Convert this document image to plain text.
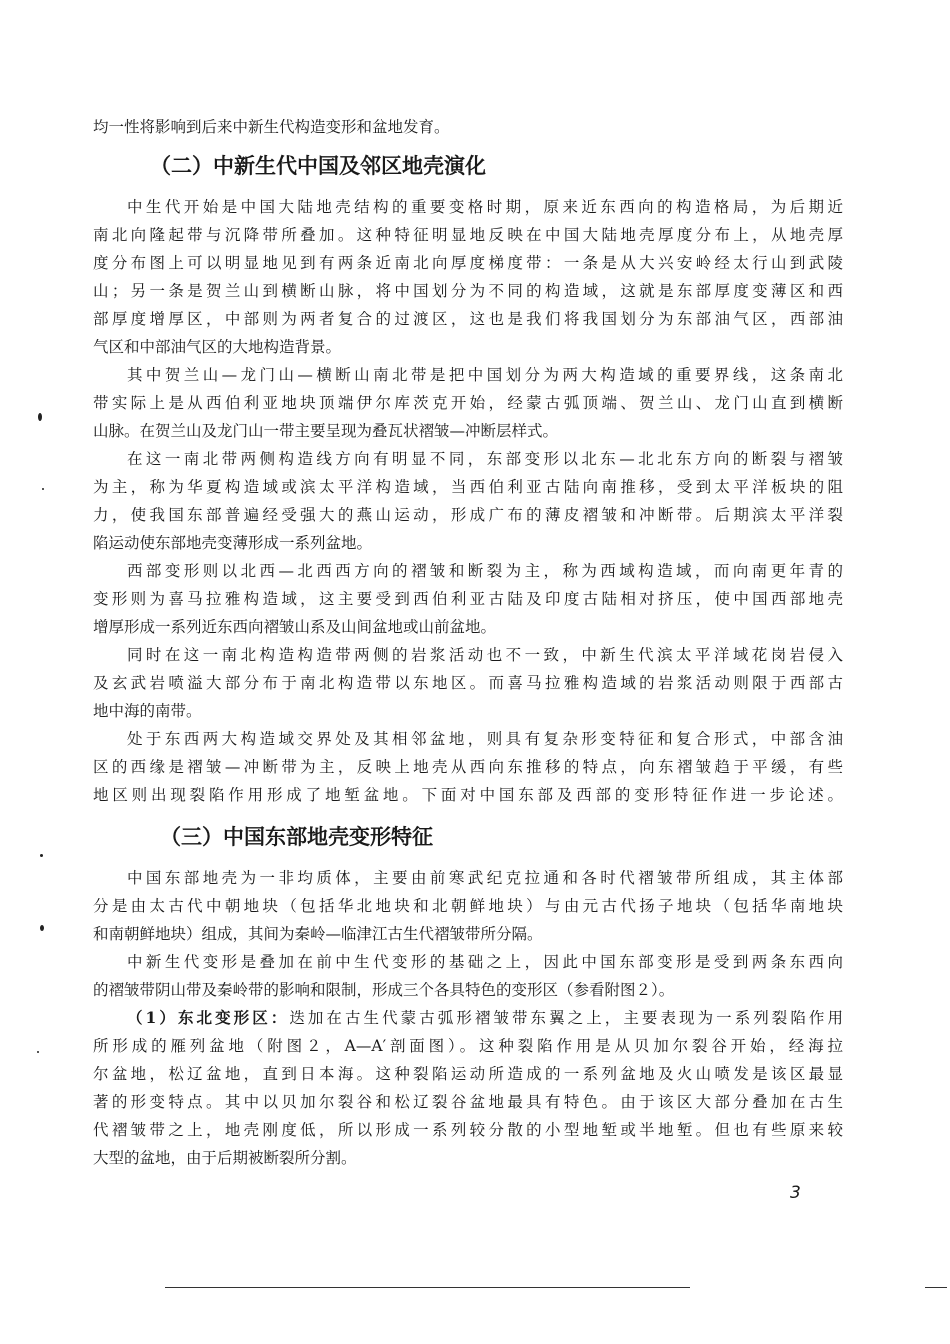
均一性将影响到后来中新生代构造变形和盆地发育。
（二）中新生代中国及邻区地壳演化
中生代开始是中国大陆地壳结构的重要变格时期，原来近东西向的构造格局，为后期近
南北向隆起带与沉降带所叠加。这种特征明显地反映在中国大陆地壳厚度分布上，从地壳厚
度分布图上可以明显地见到有两条近南北向厚度梯度带：一条是从大兴安岭经太行山到武陵
山；另一条是贺兰山到横断山脉，将中国划分为不同的构造域，这就是东部厚度变薄区和西
部厚度增厚区，中部则为两者复合的过渡区，这也是我们将我国划分为东部油气区，西部油
气区和中部油气区的大地构造背景。
其中贺兰山—龙门山—横断山南北带是把中国划分为两大构造域的重要界线，这条南北
带实际上是从西伯利亚地块顶端伊尔库茨克开始，经蒙古弧顶端、贺兰山、龙门山直到横断
山脉。在贺兰山及龙门山一带主要呈现为叠瓦状褶皱—冲断层样式。
在这一南北带两侧构造线方向有明显不同，东部变形以北东—北北东方向的断裂与褶皱
为主，称为华夏构造域或滨太平洋构造域，当西伯利亚古陆向南推移，受到太平洋板块的阻
力，使我国东部普遍经受强大的燕山运动，形成广布的薄皮褶皱和冲断带。后期滨太平洋裂
陷运动使东部地壳变薄形成一系列盆地。
西部变形则以北西—北西西方向的褶皱和断裂为主，称为西域构造域，而向南更年青的
变形则为喜马拉雅构造域，这主要受到西伯利亚古陆及印度古陆相对挤压，使中国西部地壳
增厚形成一系列近东西向褶皱山系及山间盆地或山前盆地。
同时在这一南北构造构造带两侧的岩浆活动也不一致，中新生代滨太平洋域花岗岩侵入
及玄武岩喷溢大部分布于南北构造带以东地区。而喜马拉雅构造域的岩浆活动则限于西部古
地中海的南带。
处于东西两大构造域交界处及其相邻盆地，则具有复杂形变特征和复合形式，中部含油
区的西缘是褶皱—冲断带为主，反映上地壳从西向东推移的特点，向东褶皱趋于平缓，有些
地区则出现裂陷作用形成了地堑盆地。下面对中国东部及西部的变形特征作进一步论述。
（三）中国东部地壳变形特征
中国东部地壳为一非均质体，主要由前寒武纪克拉通和各时代褶皱带所组成，其主体部
分是由太古代中朝地块（包括华北地块和北朝鲜地块）与由元古代扬子地块（包括华南地块
和南朝鲜地块）组成，其间为秦岭—临津江古生代褶皱带所分隔。
中新生代变形是叠加在前中生代变形的基础之上，因此中国东部变形是受到两条东西向
的褶皱带阴山带及秦岭带的影响和限制，形成三个各具特色的变形区（参看附图２）。
（1）东北变形区：迭加在古生代蒙古弧形褶皱带东翼之上，主要表现为一系列裂陷作用
所形成的雁列盆地（附图２，A—A′剖面图）。这种裂陷作用是从贝加尔裂谷开始，经海拉
尔盆地，松辽盆地，直到日本海。这种裂陷运动所造成的一系列盆地及火山喷发是该区最显
著的形变特点。其中以贝加尔裂谷和松辽裂谷盆地最具有特色。由于该区大部分叠加在古生
代褶皱带之上，地壳刚度低，所以形成一系列较分散的小型地堑或半地堑。但也有些原来较
大型的盆地，由于后期被断裂所分割。
3
